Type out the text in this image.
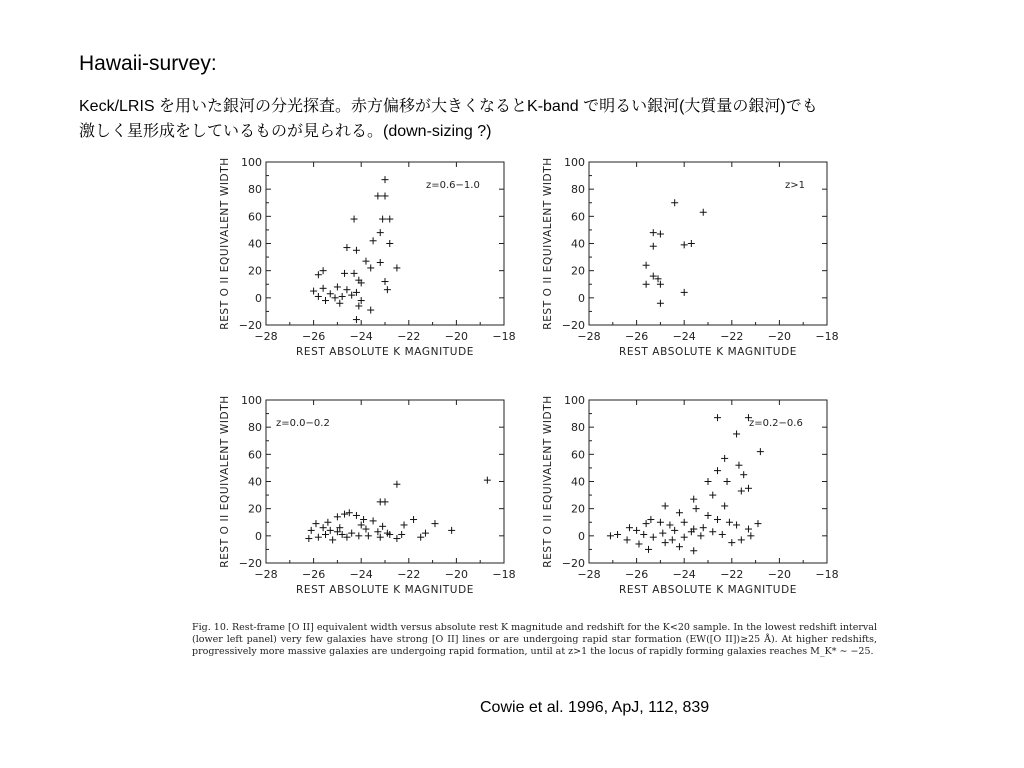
Hawaii-survey:
Keck/LRIS を用いた銀河の分光探査。赤方偏移が大きくなるとK-band で明るい銀河(大質量の銀河)でも
激しく星形成をしているものが見られる。(down-sizing ?)
−28 −26 −24 −22 −20 −18
100
80
60
40
20
0
−20
REST ABSOLUTE K MAGNITUDE
REST O II EQUIVALENT WIDTH	z=0.6−1.0
−28 −26 −24 −22 −20 −18
100
80
60
40
20
0
−20
REST ABSOLUTE K MAGNITUDE
REST O II EQUIVALENT WIDTH	z>1
−28 −26 −24 −22 −20 −18
100
80
60
40
20
0
−20
REST ABSOLUTE K MAGNITUDE
REST O II EQUIVALENT WIDTH	z=0.0−0.2
−28 −26 −24 −22 −20 −18
100
80
60
40
20
0
−20
REST ABSOLUTE K MAGNITUDE
REST O II EQUIVALENT WIDTH	z=0.2−0.6
Fig. 10. Rest-frame [O II] equivalent width versus absolute rest K magnitude and redshift for the K<20 sample. In the lowest redshift interval (lower left panel) very few galaxies have strong [O II] lines or are undergoing rapid star formation (EW([O II])≥25 Å). At higher redshifts, progressively more massive galaxies are undergoing rapid formation, until at z>1 the locus of rapidly forming galaxies reaches M_K* ∼ −25.
Cowie et al. 1996, ApJ, 112, 839
